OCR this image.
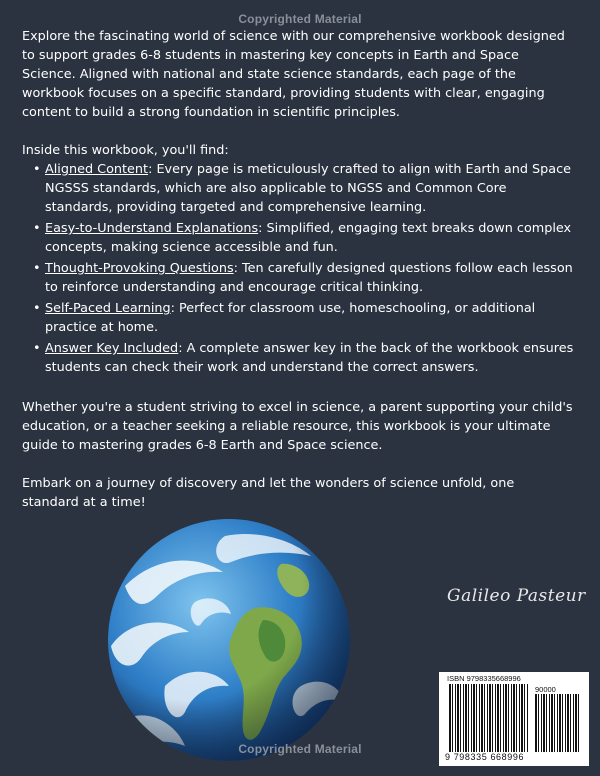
Copyrighted Material

Explore the fascinating world of science with our comprehensive workbook designed to support grades 6-8 students in mastering key concepts in Earth and Space Science. Aligned with national and state science standards, each page of the workbook focuses on a specific standard, providing students with clear, engaging content to build a strong foundation in scientific principles.

Inside this workbook, you'll find:

• Aligned Content: Every page is meticulously crafted to align with Earth and Space NGSSS standards, which are also applicable to NGSS and Common Core standards, providing targeted and comprehensive learning.
• Easy-to-Understand Explanations: Simplified, engaging text breaks down complex concepts, making science accessible and fun.
• Thought-Provoking Questions: Ten carefully designed questions follow each lesson to reinforce understanding and encourage critical thinking.
• Self-Paced Learning: Perfect for classroom use, homeschooling, or additional practice at home.
• Answer Key Included: A complete answer key in the back of the workbook ensures students can check their work and understand the correct answers.

Whether you're a student striving to excel in science, a parent supporting your child's education, or a teacher seeking a reliable resource, this workbook is your ultimate guide to mastering grades 6-8 Earth and Space science.

Embark on a journey of discovery and let the wonders of science unfold, one standard at a time!

Galileo Pasteur
ISBN 9798335668996
90000
9 798335 668996
Copyrighted Material
